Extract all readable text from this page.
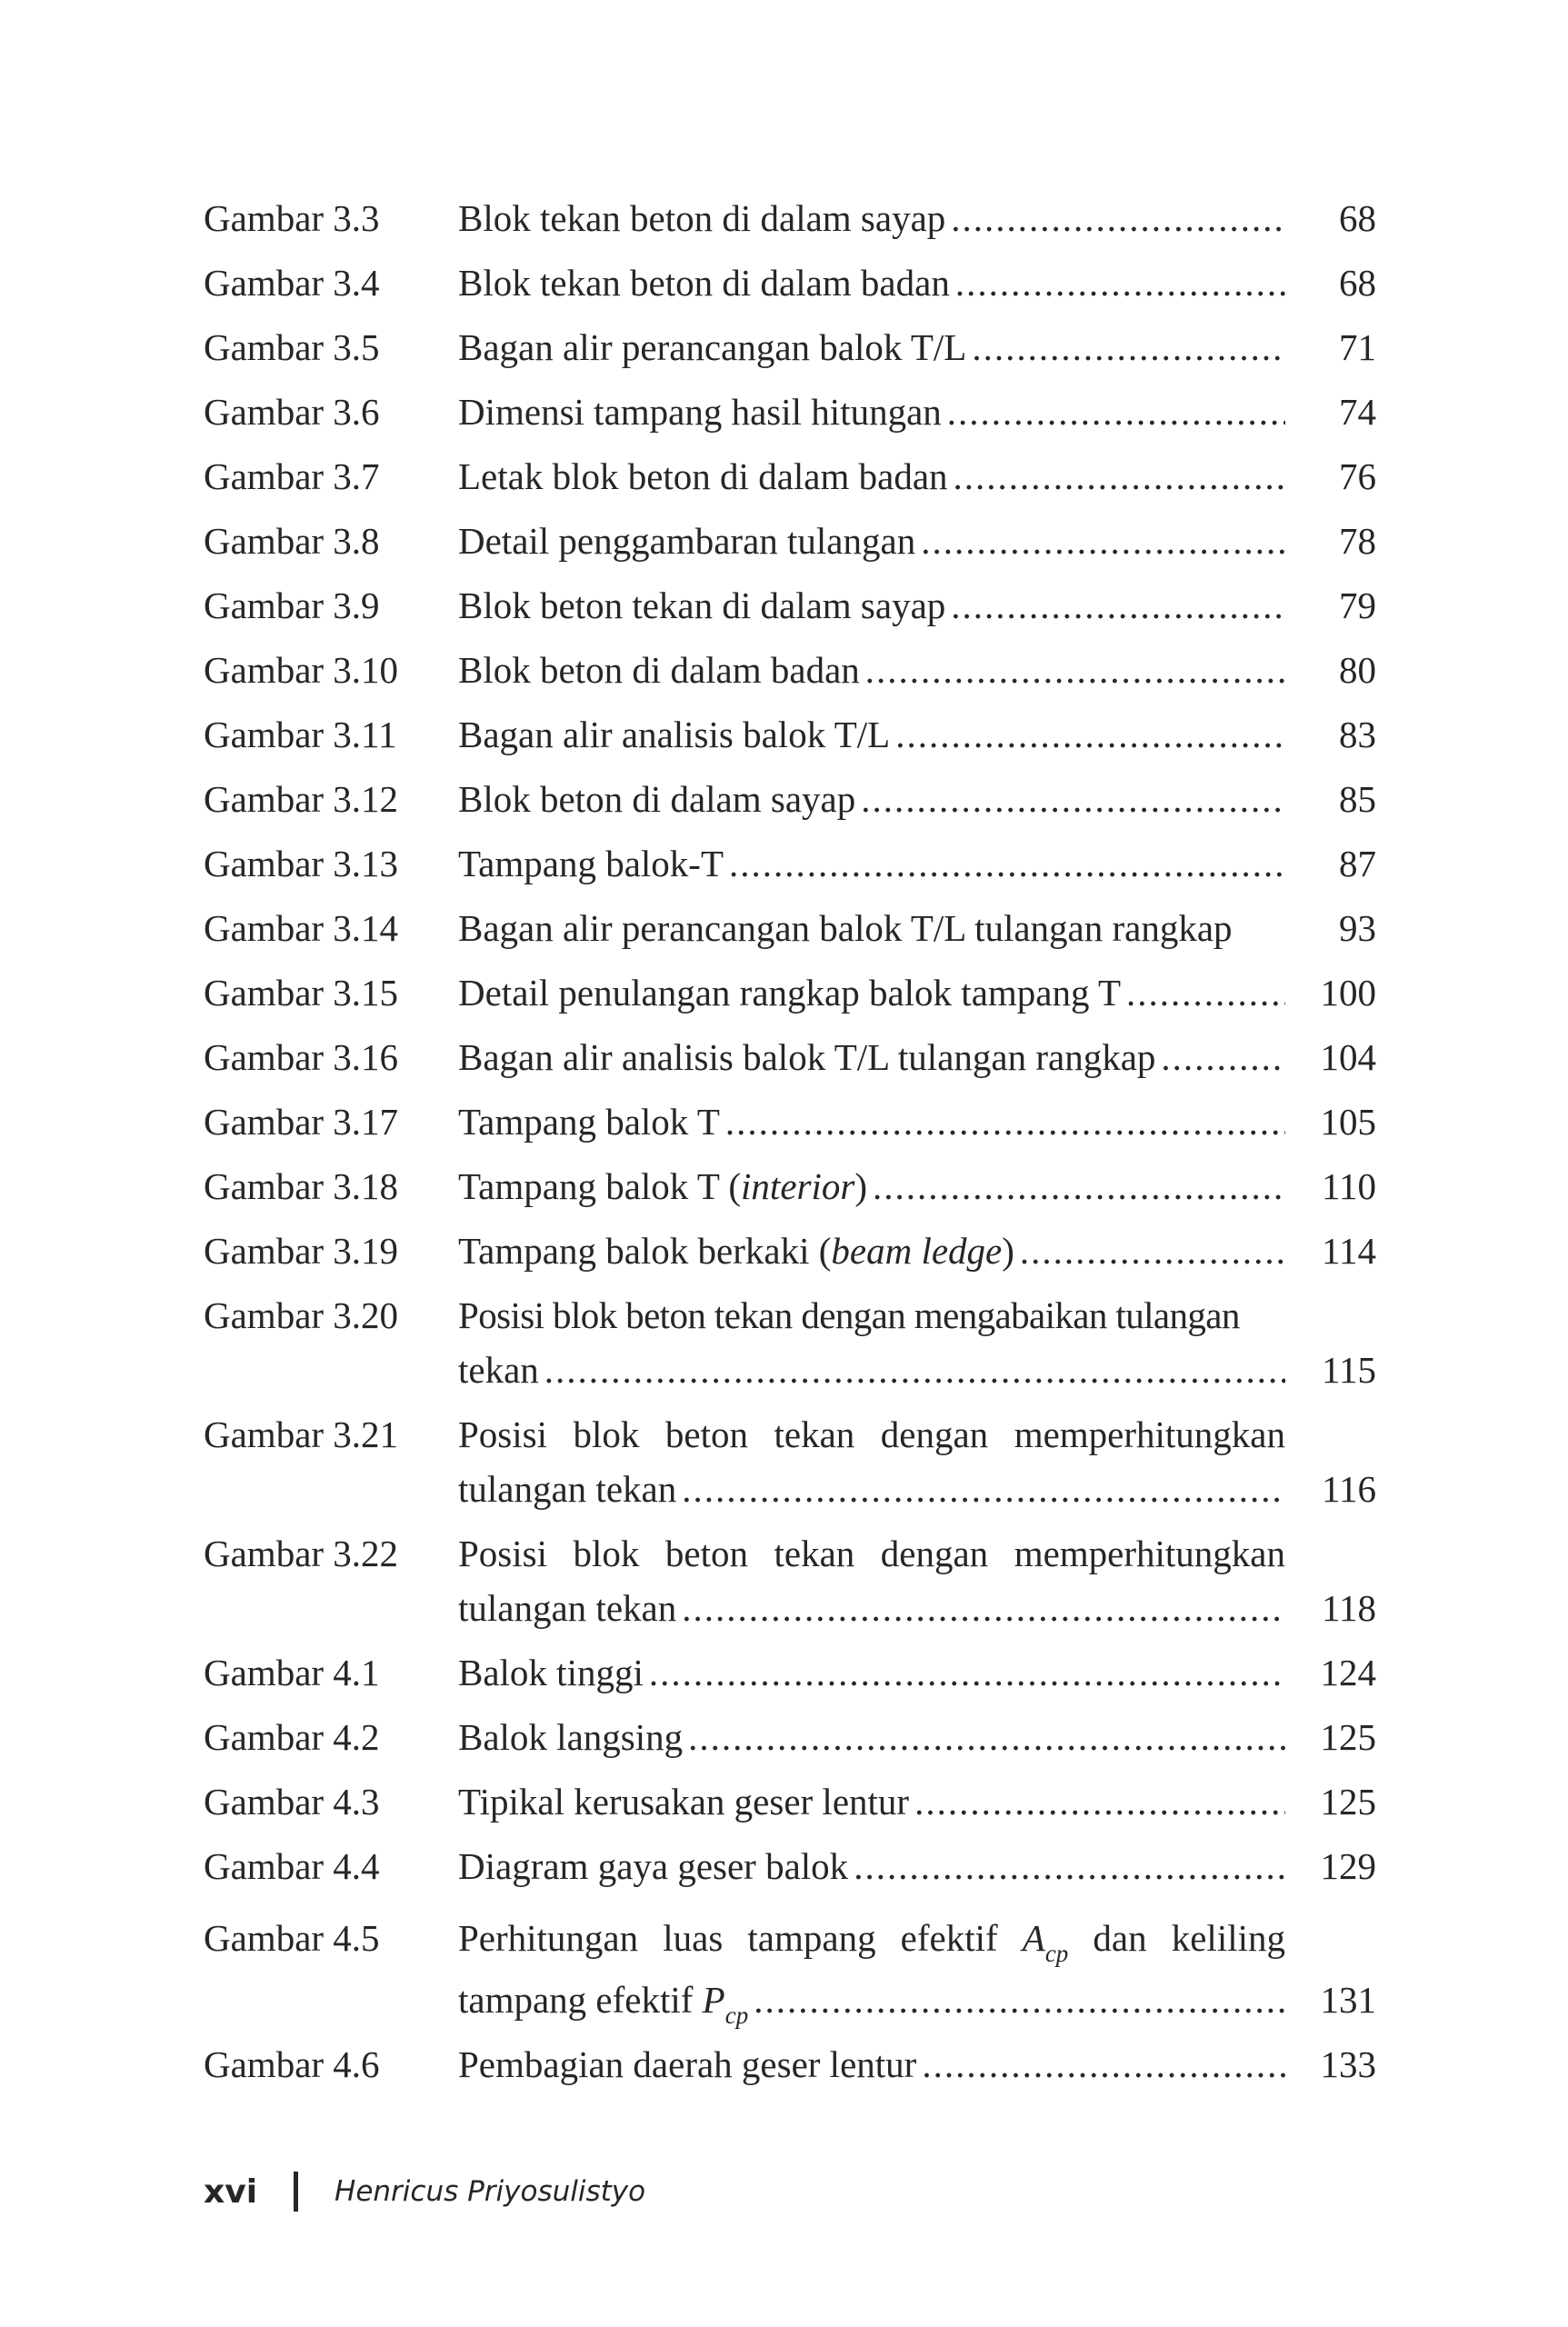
Gambar 3.3 Blok tekan beton di dalam sayap .....	68
Gambar 3.4 Blok tekan beton di dalam badan .....	68
Gambar 3.5 Bagan alir perancangan balok T/L .....	71
Gambar 3.6 Dimensi tampang hasil hitungan .....	74
Gambar 3.7 Letak blok beton di dalam badan .....	76
Gambar 3.8 Detail penggambaran tulangan .....	78
Gambar 3.9 Blok beton tekan di dalam sayap .....	79
Gambar 3.10 Blok beton di dalam badan .....	80
Gambar 3.11 Bagan alir analisis balok T/L .....	83
Gambar 3.12 Blok beton di dalam sayap .....	85
Gambar 3.13 Tampang balok-T .....	87
Gambar 3.14 Bagan alir perancangan balok T/L tulangan rangkap	93
Gambar 3.15 Detail penulangan rangkap balok tampang T .....	100
Gambar 3.16 Bagan alir analisis balok T/L tulangan rangkap .....	104
Gambar 3.17 Tampang balok T .....	105
Gambar 3.18 Tampang balok T (interior) .....	110
Gambar 3.19 Tampang balok berkaki (beam ledge) .....	114
Gambar 3.20 Posisi blok beton tekan dengan mengabaikan tulangan
tekan .....	115
Gambar 3.21 Posisi blok beton tekan dengan memperhitungkan
tulangan tekan .....	116
Gambar 3.22 Posisi blok beton tekan dengan memperhitungkan
tulangan tekan .....	118
Gambar 4.1 Balok tinggi .....	124
Gambar 4.2 Balok langsing .....	125
Gambar 4.3 Tipikal kerusakan geser lentur .....	125
Gambar 4.4 Diagram gaya geser balok .....	129
Gambar 4.5 Perhitungan luas tampang efektif $A_{cp}$ dan keliling
tampang efektif $P_{cp}$ .....	131
Gambar 4.6 Pembagian daerah geser lentur .....	133
xvi	Henricus Priyosulistyo
